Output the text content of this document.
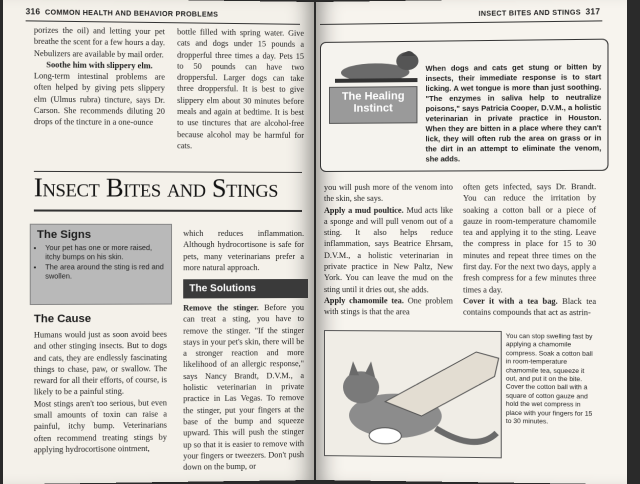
316 COMMON HEALTH AND BEHAVIOR PROBLEMS
porizes the oil) and letting your pet breathe the scent for a few hours a day. Nebulizers are available by mail order.
Soothe him with slippery elm.
Long-term intestinal problems are often helped by giving pets slippery elm (Ulmus rubra) tincture, says Dr. Carson. She recommends diluting 20 drops of the tincture in a one-ounce
bottle filled with spring water. Give cats and dogs under 15 pounds a dropperful three times a day. Pets 15 to 50 pounds can have two droppersful. Larger dogs can take three droppersful. It is best to give slippery elm about 30 minutes before meals and again at bedtime. It is best to use tinctures that are alcohol-free because alcohol may be harmful for cats.
Insect Bites and Stings
The Signs
• Your pet has one or more raised, itchy bumps on his skin.
• The area around the sting is red and swollen.
The Cause
Humans would just as soon avoid bees and other stinging insects. But to dogs and cats, they are endlessly fascinating things to chase, paw, or swallow. The reward for all their efforts, of course, is likely to be a painful sting.
Most stings aren't too serious, but even small amounts of toxin can raise a painful, itchy bump. Veterinarians often recommend treating stings by applying hydrocortisone ointment,
which reduces inflammation. Although hydrocortisone is safe for pets, many veterinarians prefer a more natural approach.
The Solutions
Remove the stinger. Before you can treat a sting, you have to remove the stinger. "If the stinger stays in your pet's skin, there will be a stronger reaction and more likelihood of an allergic response," says Nancy Brandt, D.V.M., a holistic veterinarian in private practice in Las Vegas. To remove the stinger, put your fingers at the base of the bump and squeeze upward. This will push the stinger up so that it is easier to remove with your fingers or tweezers. Don't push down on the bump, or
INSECT BITES AND STINGS 317
The Healing Instinct
When dogs and cats get stung or bitten by insects, their immediate response is to start licking. A wet tongue is more than just soothing. "The enzymes in saliva help to neutralize poisons," says Patricia Cooper, D.V.M., a holistic veterinarian in private practice in Houston. When they are bitten in a place where they can't lick, they will often rub the area on grass or in the dirt in an attempt to eliminate the venom, she adds.
you will push more of the venom into the skin, she says.
Apply a mud poultice. Mud acts like a sponge and will pull venom out of a sting. It also helps reduce inflammation, says Beatrice Ehrsam, D.V.M., a holistic veterinarian in private practice in New Paltz, New York. You can leave the mud on the sting until it dries out, she adds.
Apply chamomile tea. One problem with stings is that the area
often gets infected, says Dr. Brandt. You can reduce the irritation by soaking a cotton ball or a piece of gauze in room-temperature chamomile tea and applying it to the sting. Leave the compress in place for 15 to 30 minutes and repeat three times on the first day. For the next two days, apply a fresh compress for a few minutes three times a day.
Cover it with a tea bag. Black tea contains compounds that act as astrin-
You can stop swelling fast by applying a chamomile compress. Soak a cotton ball in room-temperature chamomile tea, squeeze it out, and put it on the bite. Cover the cotton ball with a square of cotton gauze and hold the wet compress in place with your fingers for 15 to 30 minutes.
